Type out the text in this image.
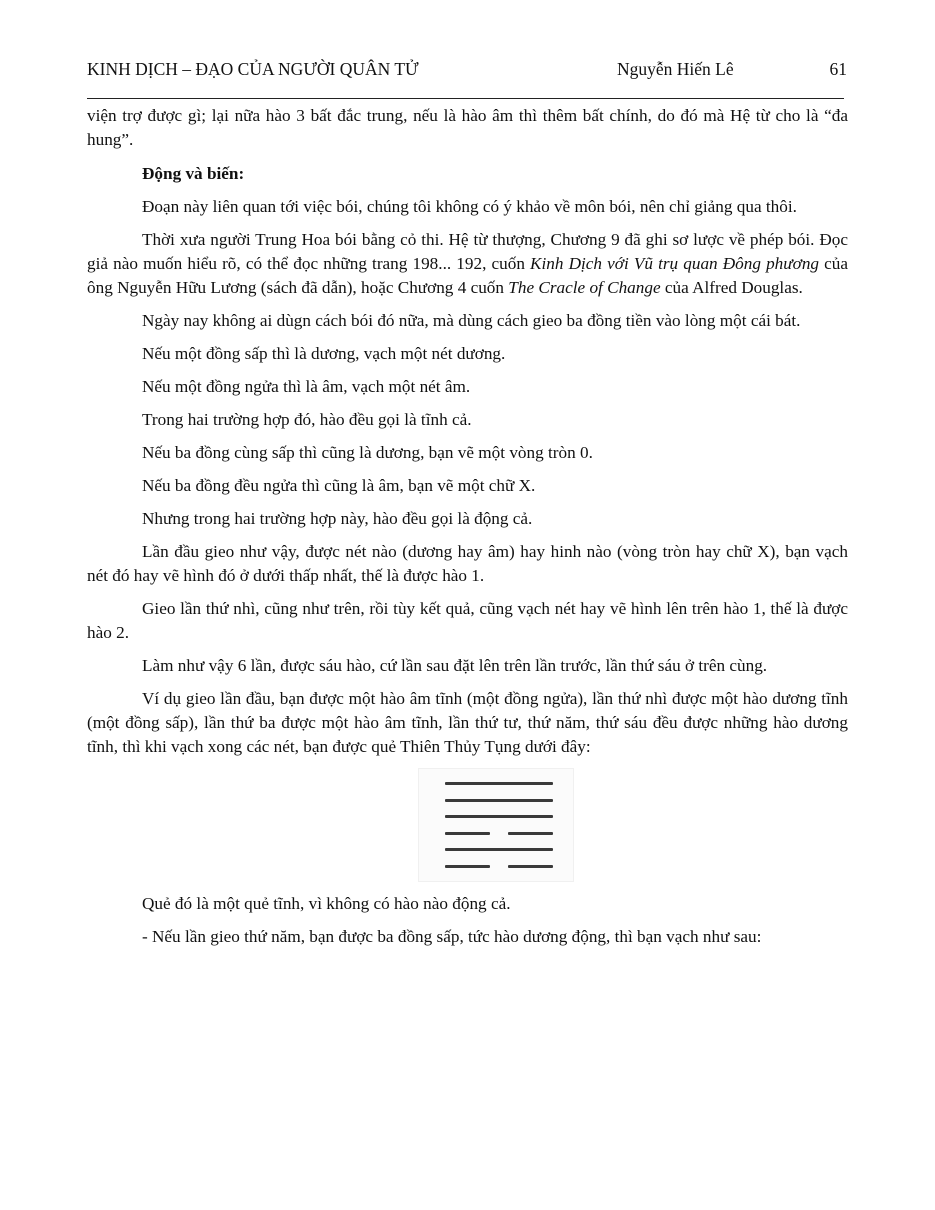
KINH DỊCH – ĐẠO CỦA NGƯỜI QUÂN TỬ	Nguyễn Hiến Lê	61

viện trợ được gì; lại nữa hào 3 bất đắc trung, nếu là hào âm thì thêm bất chính, do đó mà Hệ từ cho là “đa hung”.

Động và biến:

Đoạn này liên quan tới việc bói, chúng tôi không có ý khảo về môn bói, nên chỉ giảng qua thôi.

Thời xưa người Trung Hoa bói bằng cỏ thi. Hệ từ thượng, Chương 9 đã ghi sơ lược về phép bói. Đọc giả nào muốn hiểu rõ, có thể đọc những trang 198... 192, cuốn Kinh Dịch với Vũ trụ quan Đông phương của ông Nguyễn Hữu Lương (sách đã dẫn), hoặc Chương 4 cuốn The Cracle of Change của Alfred Douglas.

Ngày nay không ai dùgn cách bói đó nữa, mà dùng cách gieo ba đồng tiền vào lòng một cái bát.

Nếu một đồng sấp thì là dương, vạch một nét dương.

Nếu một đồng ngửa thì là âm, vạch một nét âm.

Trong hai trường hợp đó, hào đều gọi là tĩnh cả.

Nếu ba đồng cùng sấp thì cũng là dương, bạn vẽ một vòng tròn 0.

Nếu ba đồng đều ngửa thì cũng là âm, bạn vẽ một chữ X.

Nhưng trong hai trường hợp này, hào đều gọi là động cả.

Lần đầu gieo như vậy, được nét nào (dương hay âm) hay hinh nào (vòng tròn hay chữ X), bạn vạch nét đó hay vẽ hình đó ở dưới thấp nhất, thế là được hào 1.

Gieo lần thứ nhì, cũng như trên, rồi tùy kết quả, cũng vạch nét hay vẽ hình lên trên hào 1, thế là được hào 2.

Làm như vậy 6 lần, được sáu hào, cứ lần sau đặt lên trên lần trước, lần thứ sáu ở trên cùng.

Ví dụ gieo lần đầu, bạn được một hào âm tĩnh (một đồng ngửa), lần thứ nhì được một hào dương tĩnh (một đồng sấp), lần thứ ba được một hào âm tĩnh, lần thứ tư, thứ năm, thứ sáu đều được những hào dương tĩnh, thì khi vạch xong các nét, bạn được quẻ Thiên Thủy Tụng dưới đây:

Quẻ đó là một quẻ tĩnh, vì không có hào nào động cả.

- Nếu lần gieo thứ năm, bạn được ba đồng sấp, tức hào dương động, thì bạn vạch như sau:
